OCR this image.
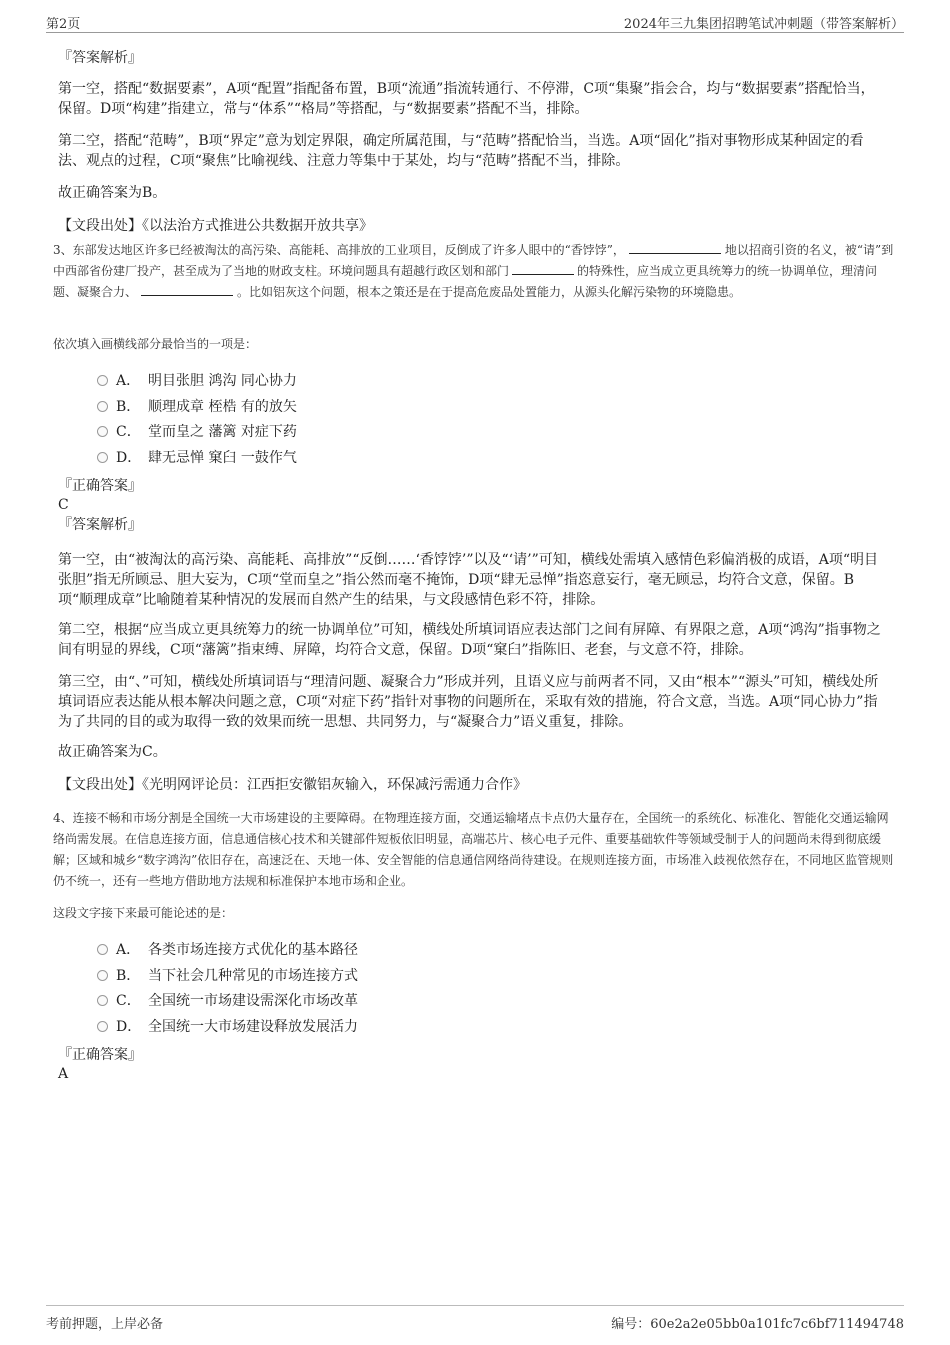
第2页	2024年三九集团招聘笔试冲刺题（带答案解析）
『答案解析』

第一空，搭配“数据要素”，A项“配置”指配备布置，B项“流通”指流转通行、不停滞，C项“集聚”指会合，均与“数据要素”搭配恰当，保留。D项“构建”指建立，常与“体系”“格局”等搭配，与“数据要素”搭配不当，排除。

第二空，搭配“范畴”，B项“界定”意为划定界限，确定所属范围，与“范畴”搭配恰当，当选。A项“固化”指对事物形成某种固定的看法、观点的过程，C项“聚焦”比喻视线、注意力等集中于某处，均与“范畴”搭配不当，排除。

故正确答案为B。

【文段出处】《以法治方式推进公共数据开放共享》

3、东部发达地区许多已经被淘汰的高污染、高能耗、高排放的工业项目，反倒成了许多人眼中的“香饽饽”，	地以招商引资的名义，被“请”到中西部省份建厂投产，甚至成为了当地的财政支柱。环境问题具有超越行政区划和部门	的特殊性，应当成立更具统筹力的统一协调单位，理清问题、凝聚合力、	。比如铝灰这个问题，根本之策还是在于提高危废品处置能力，从源头化解污染物的环境隐患。

依次填入画横线部分最恰当的一项是：
A． 明目张胆 鸿沟 同心协力
B． 顺理成章 桎梏 有的放矢
C． 堂而皇之 藩篱 对症下药
D． 肆无忌惮 窠臼 一鼓作气
『正确答案』
C
『答案解析』

第一空，由“被淘汰的高污染、高能耗、高排放”“反倒……‘香饽饽’”以及“‘请’”可知，横线处需填入感情色彩偏消极的成语，A项“明目张胆”指无所顾忌、胆大妄为，C项“堂而皇之”指公然而毫不掩饰，D项“肆无忌惮”指恣意妄行，毫无顾忌，均符合文意，保留。B项“顺理成章”比喻随着某种情况的发展而自然产生的结果，与文段感情色彩不符，排除。

第二空，根据“应当成立更具统筹力的统一协调单位”可知，横线处所填词语应表达部门之间有屏障、有界限之意，A项“鸿沟”指事物之间有明显的界线，C项“藩篱”指束缚、屏障，均符合文意，保留。D项“窠臼”指陈旧、老套，与文意不符，排除。

第三空，由“、”可知，横线处所填词语与“理清问题、凝聚合力”形成并列，且语义应与前两者不同，又由“根本”“源头”可知，横线处所填词语应表达能从根本解决问题之意，C项“对症下药”指针对事物的问题所在，采取有效的措施，符合文意，当选。A项“同心协力”指为了共同的目的或为取得一致的效果而统一思想、共同努力，与“凝聚合力”语义重复，排除。

故正确答案为C。

【文段出处】《光明网评论员：江西拒安徽铝灰输入，环保减污需通力合作》

4、连接不畅和市场分割是全国统一大市场建设的主要障碍。在物理连接方面，交通运输堵点卡点仍大量存在，全国统一的系统化、标准化、智能化交通运输网络尚需发展。在信息连接方面，信息通信核心技术和关键部件短板依旧明显，高端芯片、核心电子元件、重要基础软件等领域受制于人的问题尚未得到彻底缓解；区域和城乡“数字鸿沟”依旧存在，高速泛在、天地一体、安全智能的信息通信网络尚待建设。在规则连接方面，市场准入歧视依然存在，不同地区监管规则仍不统一，还有一些地方借助地方法规和标准保护本地市场和企业。

这段文字接下来最可能论述的是：
A． 各类市场连接方式优化的基本路径
B． 当下社会几种常见的市场连接方式
C． 全国统一市场建设需深化市场改革
D． 全国统一大市场建设释放发展活力
『正确答案』
A
考前押题，上岸必备	编号：60e2a2e05bb0a101fc7c6bf711494748
